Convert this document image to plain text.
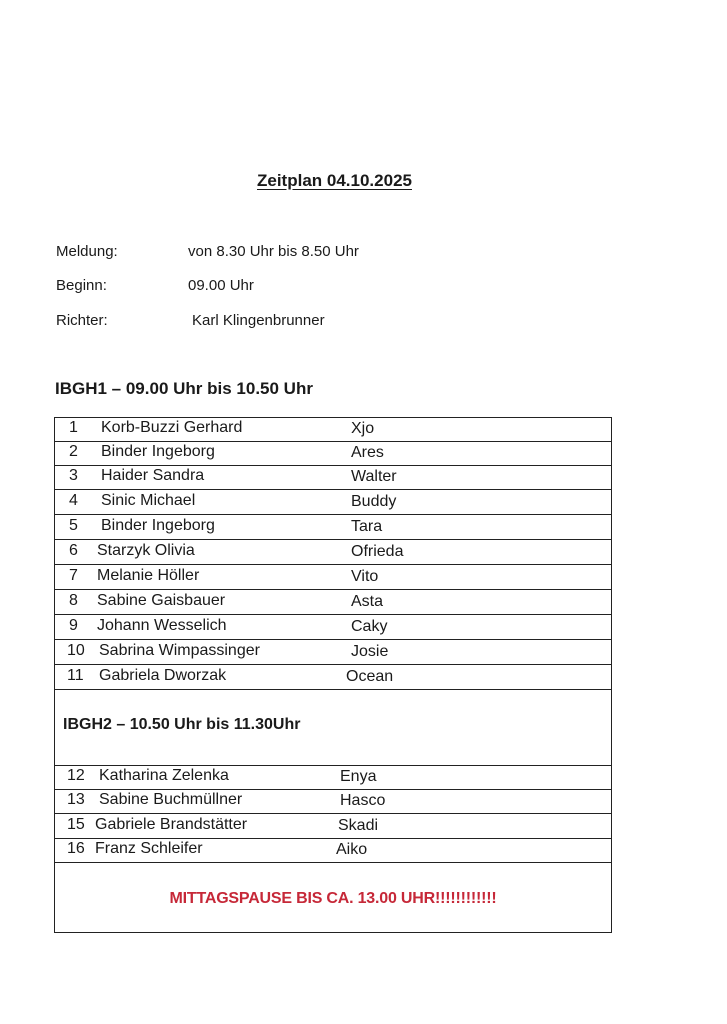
Zeitplan 04.10.2025
Meldung:	von 8.30 Uhr bis 8.50 Uhr
Beginn:	09.00 Uhr
Richter:	Karl Klingenbrunner
IBGH1 – 09.00 Uhr bis 10.50 Uhr
1 Korb-Buzzi Gerhard	Xjo
2 Binder Ingeborg	Ares
3 Haider Sandra	Walter
4 Sinic Michael	Buddy
5 Binder Ingeborg	Tara
6 Starzyk Olivia	Ofrieda
7 Melanie Höller	Vito
8 Sabine Gaisbauer	Asta
9 Johann Wesselich	Caky
10 Sabrina Wimpassinger	Josie
11 Gabriela Dworzak	Ocean
IBGH2 – 10.50 Uhr bis 11.30Uhr
12 Katharina Zelenka	Enya
13 Sabine Buchmüllner	Hasco
15 Gabriele Brandstätter	Skadi
16 Franz Schleifer	Aiko
MITTAGSPAUSE BIS CA. 13.00 UHR!!!!!!!!!!!!
